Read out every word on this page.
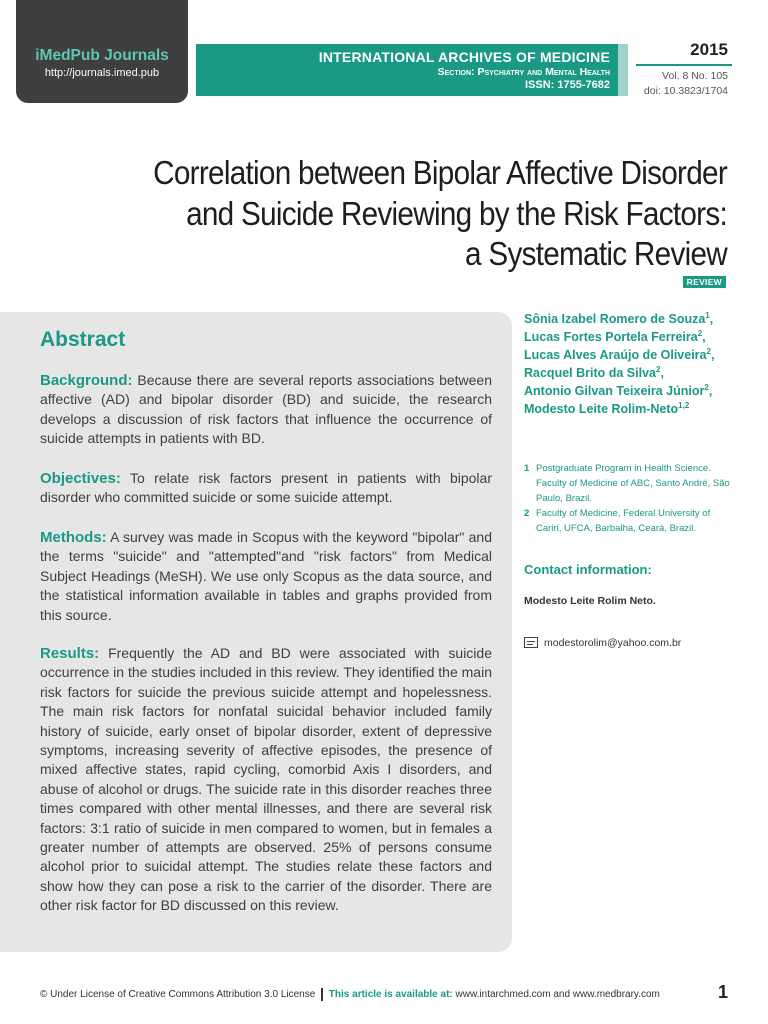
iMedPub Journals
http://journals.imed.pub
INTERNATIONAL ARCHIVES OF MEDICINE
Section: Psychiatry and Mental Health
ISSN: 1755-7682
2015
Vol. 8 No. 105
doi: 10.3823/1704
Correlation between Bipolar Affective Disorder
and Suicide Reviewing by the Risk Factors:
a Systematic Review
REVIEW
Abstract
Background: Because there are several reports associations between affective (AD) and bipolar disorder (BD) and suicide, the research develops a discussion of risk factors that influence the occurrence of suicide attempts in patients with BD.
Objectives: To relate risk factors present in patients with bipolar disorder who committed suicide or some suicide attempt.
Methods: A survey was made in Scopus with the keyword "bipolar" and the terms "suicide" and "attempted"and "risk factors" from Medical Subject Headings (MeSH). We use only Scopus as the data source, and the statistical information available in tables and graphs provided from this source.
Results: Frequently the AD and BD were associated with suicide occurrence in the studies included in this review. They identified the main risk factors for suicide the previous suicide attempt and hopelessness. The main risk factors for nonfatal suicidal behavior included family history of suicide, early onset of bipolar disorder, extent of depressive symptoms, increasing severity of affective episodes, the presence of mixed affective states, rapid cycling, comorbid Axis I disorders, and abuse of alcohol or drugs. The suicide rate in this disorder reaches three times compared with other mental illnesses, and there are several risk factors: 3:1 ratio of suicide in men compared to women, but in females a greater number of attempts are observed. 25% of persons consume alcohol prior to suicidal attempt. The studies relate these factors and show how they can pose a risk to the carrier of the disorder. There are other risk factor for BD discussed on this review.
Sônia Izabel Romero de Souza$^1$,
Lucas Fortes Portela Ferreira$^2$,
Lucas Alves Araújo de Oliveira$^2$,
Racquel Brito da Silva$^2$,
Antonio Gilvan Teixeira Júnior$^2$,
Modesto Leite Rolim-Neto$^{1,2}$
1 Postgraduate Program in Health Science. Faculty of Medicine of ABC, Santo André, São Paulo, Brazil.
2 Faculty of Medicine, Federal University of Cariri, UFCA, Barbalha, Ceará, Brazil.
Contact information:
Modesto Leite Rolim Neto.
modestorolim@yahoo.com.br
© Under License of Creative Commons Attribution 3.0 License This article is available at: www.intarchmed.com and www.medbrary.com	1
